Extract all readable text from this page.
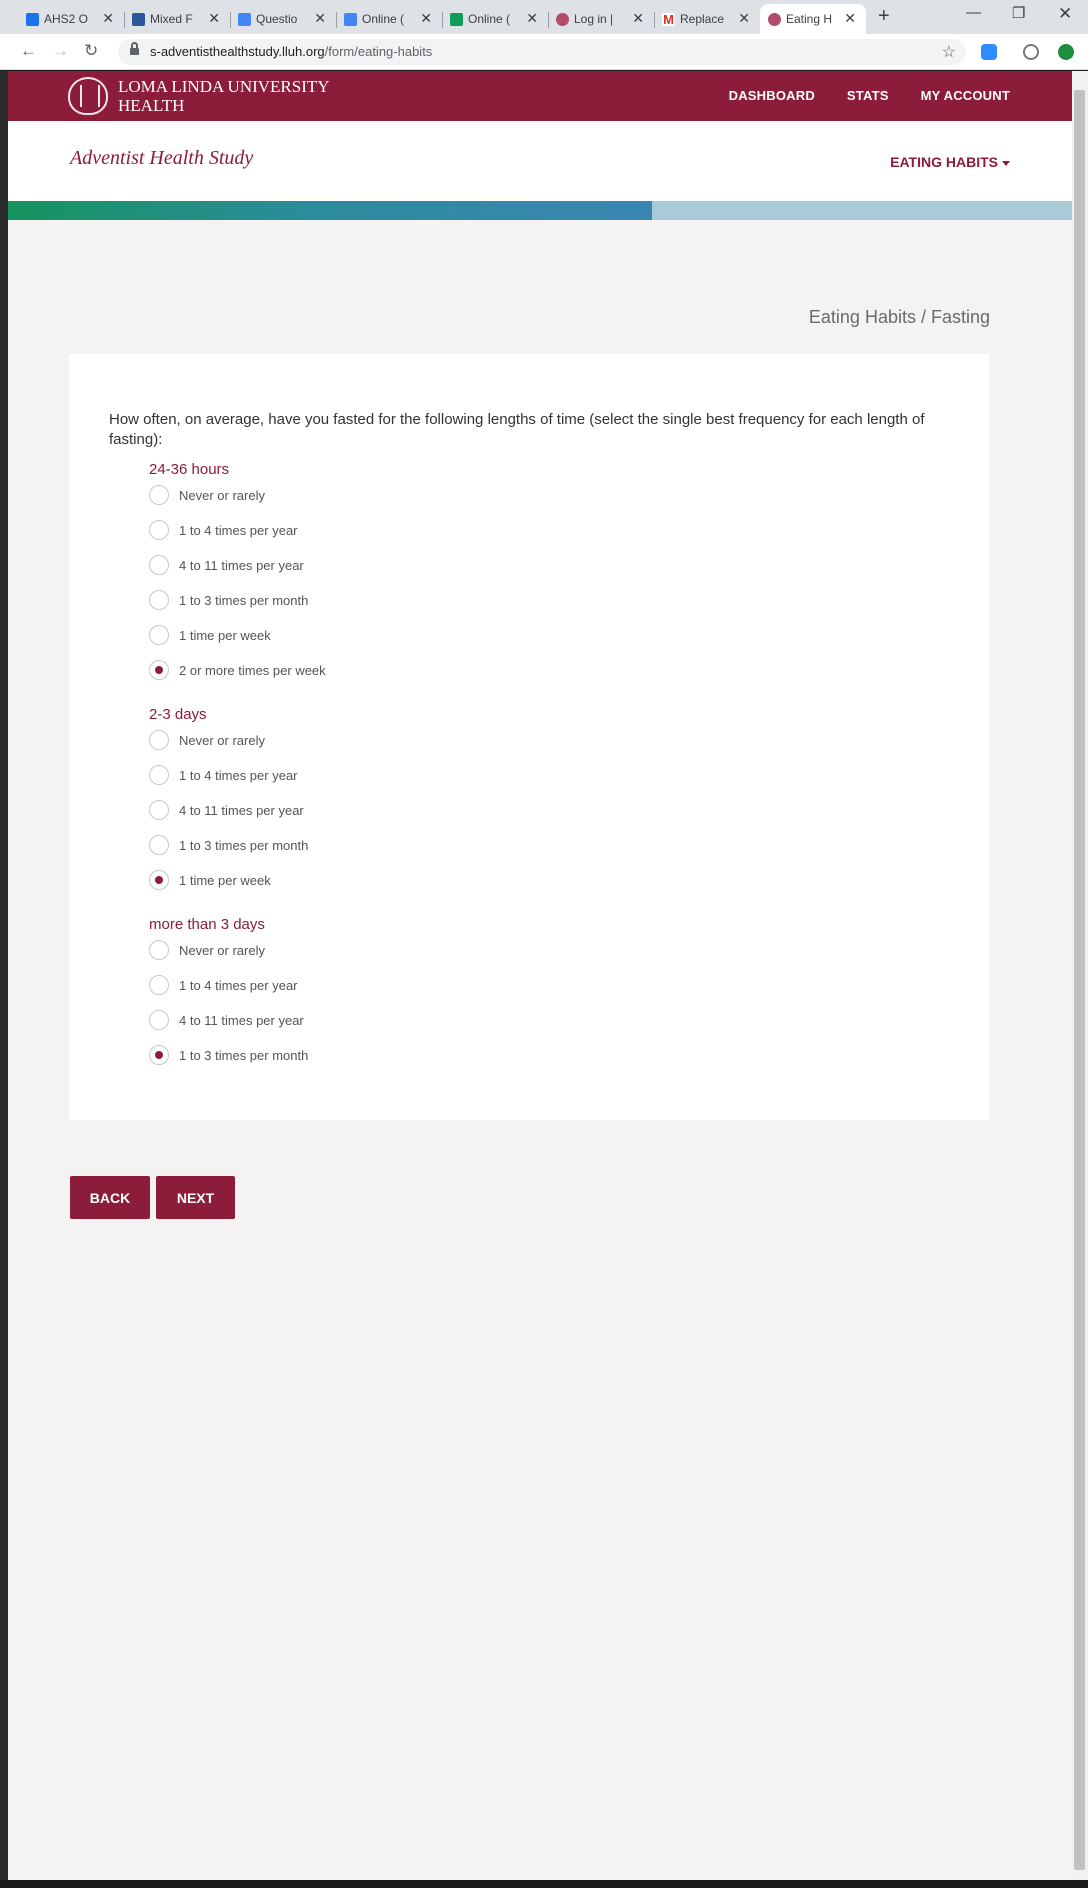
AHS2 O	✕	Mixed F	✕	Questio	✕	Online (	✕	Online (	✕	Log in |	✕ M Replace	✕	Eating H ✕ +	— ❐ ✕
← → ↻	s-adventisthealthstudy.lluh.org/form/eating-habits	☆
LOMA LINDA UNIVERSITY
HEALTH
DASHBOARD STATS MY ACCOUNT
Adventist Health Study	EATING HABITS
Eating Habits / Fasting
How often, on average, have you fasted for the following lengths of time (select the single best frequency for each length of fasting):
24-36 hours
Never or rarely
1 to 4 times per year
4 to 11 times per year
1 to 3 times per month
1 time per week
2 or more times per week
2-3 days
Never or rarely
1 to 4 times per year
4 to 11 times per year
1 to 3 times per month
1 time per week
more than 3 days
Never or rarely
1 to 4 times per year
4 to 11 times per year
1 to 3 times per month
BACK	NEXT
